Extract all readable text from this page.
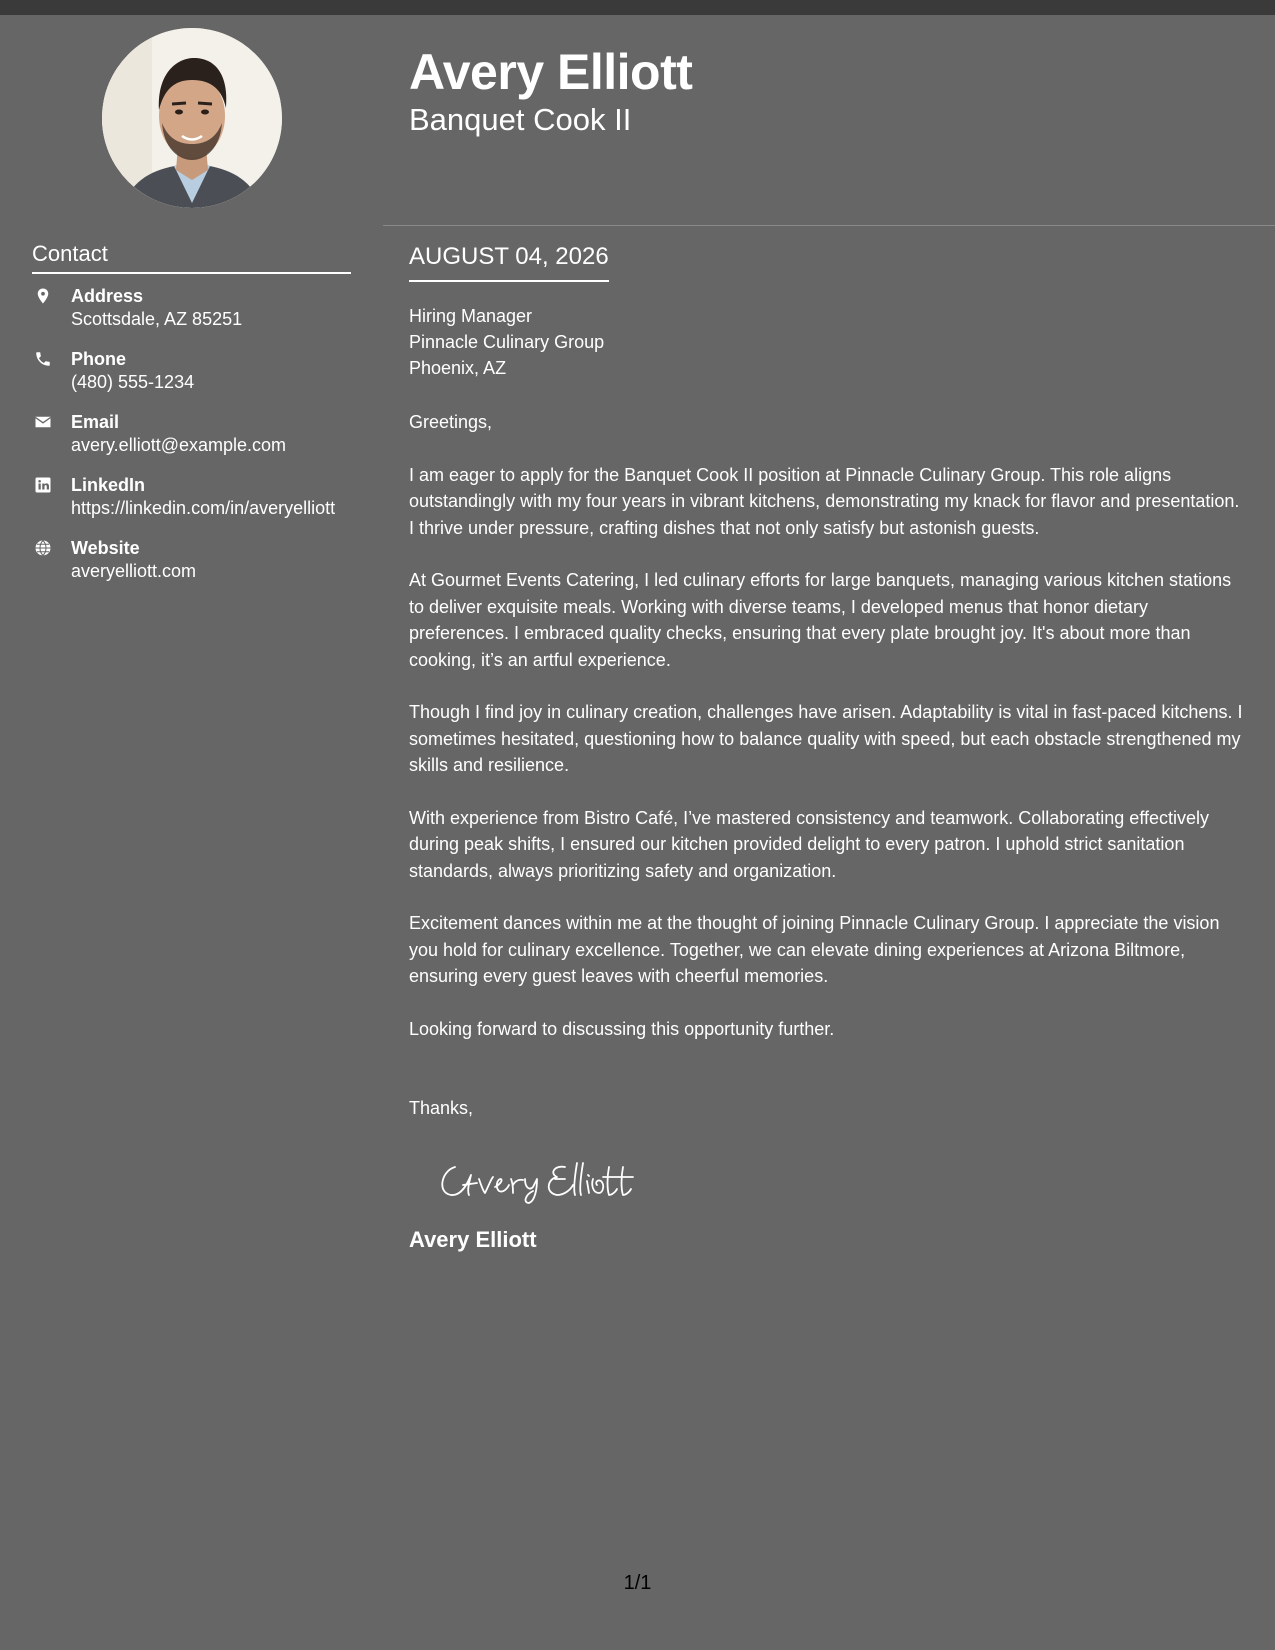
Contact
Address
Scottsdale, AZ 85251
Phone
(480) 555-1234
Email
avery.elliott@example.com
LinkedIn
https://linkedin.com/in/averyelliott
Website
averyelliott.com
Avery Elliott
Banquet Cook II
AUGUST 04, 2026
Hiring Manager
Pinnacle Culinary Group
Phoenix, AZ

Greetings,

I am eager to apply for the Banquet Cook II position at Pinnacle Culinary Group. This role aligns outstandingly with my four years in vibrant kitchens, demonstrating my knack for flavor and presentation. I thrive under pressure, crafting dishes that not only satisfy but astonish guests.

At Gourmet Events Catering, I led culinary efforts for large banquets, managing various kitchen stations to deliver exquisite meals. Working with diverse teams, I developed menus that honor dietary preferences. I embraced quality checks, ensuring that every plate brought joy. It's about more than cooking, it’s an artful experience.

Though I find joy in culinary creation, challenges have arisen. Adaptability is vital in fast-paced kitchens. I sometimes hesitated, questioning how to balance quality with speed, but each obstacle strengthened my skills and resilience.

With experience from Bistro Café, I’ve mastered consistency and teamwork. Collaborating effectively during peak shifts, I ensured our kitchen provided delight to every patron. I uphold strict sanitation standards, always prioritizing safety and organization.

Excitement dances within me at the thought of joining Pinnacle Culinary Group. I appreciate the vision you hold for culinary excellence. Together, we can elevate dining experiences at Arizona Biltmore, ensuring every guest leaves with cheerful memories.

Looking forward to discussing this opportunity further.

Thanks,

Avery Elliott
1/1
